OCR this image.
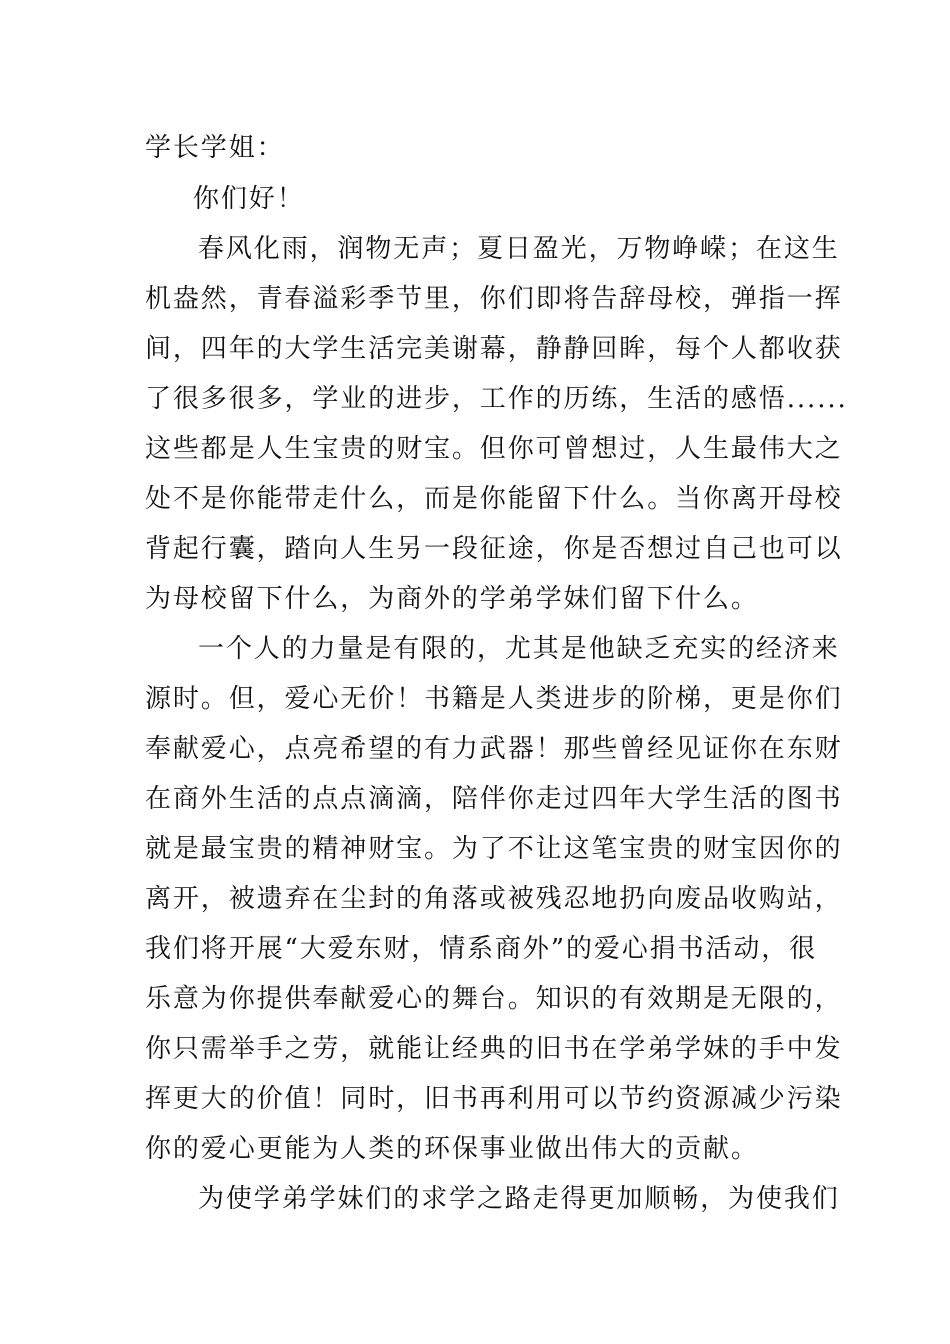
学长学姐：
你们好！
春风化雨，润物无声；夏日盈光，万物峥嵘；在这生
机盎然，青春溢彩季节里，你们即将告辞母校，弹指一挥
间，四年的大学生活完美谢幕，静静回眸，每个人都收获
了很多很多，学业的进步，工作的历练，生活的感悟......
这些都是人生宝贵的财宝。但你可曾想过，人生最伟大之
处不是你能带走什么，而是你能留下什么。当你离开母校
背起行囊，踏向人生另一段征途，你是否想过自己也可以
为母校留下什么，为商外的学弟学妹们留下什么。
一个人的力量是有限的，尤其是他缺乏充实的经济来
源时。但，爱心无价！书籍是人类进步的阶梯，更是你们
奉献爱心，点亮希望的有力武器！那些曾经见证你在东财
在商外生活的点点滴滴，陪伴你走过四年大学生活的图书
就是最宝贵的精神财宝。为了不让这笔宝贵的财宝因你的
离开，被遗弃在尘封的角落或被残忍地扔向废品收购站，
我们将开展“大爱东财，情系商外”的爱心捐书活动，很
乐意为你提供奉献爱心的舞台。知识的有效期是无限的，
你只需举手之劳，就能让经典的旧书在学弟学妹的手中发
挥更大的价值！同时，旧书再利用可以节约资源减少污染
你的爱心更能为人类的环保事业做出伟大的贡献。
为使学弟学妹们的求学之路走得更加顺畅，为使我们
